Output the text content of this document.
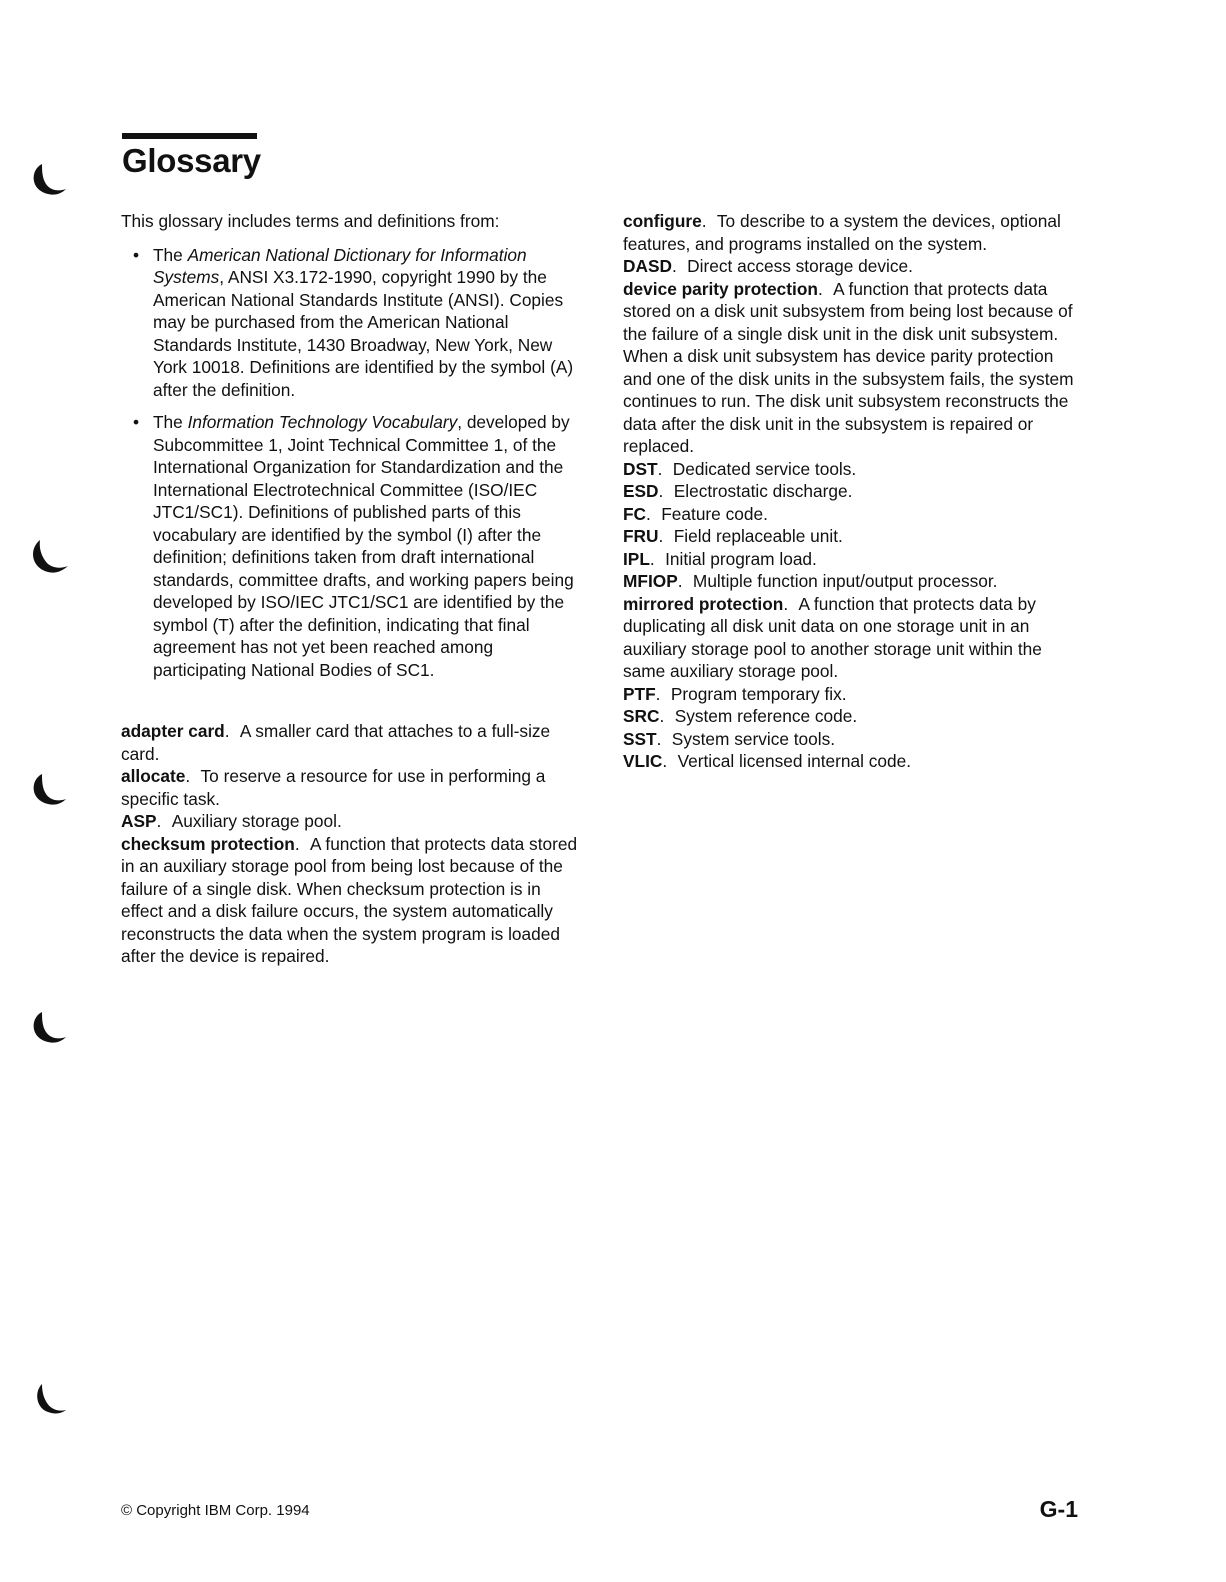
Glossary

This glossary includes terms and definitions from:

• The American National Dictionary for Information Systems, ANSI X3.172-1990, copyright 1990 by the American National Standards Institute (ANSI). Copies may be purchased from the American National Standards Institute, 1430 Broadway, New York, New York 10018. Definitions are identified by the symbol (A) after the definition.
• The Information Technology Vocabulary, developed by Subcommittee 1, Joint Technical Committee 1, of the International Organization for Standardization and the International Electrotechnical Committee (ISO/IEC JTC1/SC1). Definitions of published parts of this vocabulary are identified by the symbol (I) after the definition; definitions taken from draft international standards, committee drafts, and working papers being developed by ISO/IEC JTC1/SC1 are identified by the symbol (T) after the definition, indicating that final agreement has not yet been reached among participating National Bodies of SC1.

adapter card. A smaller card that attaches to a full-size card.

allocate. To reserve a resource for use in performing a specific task.

ASP. Auxiliary storage pool.

checksum protection. A function that protects data stored in an auxiliary storage pool from being lost because of the failure of a single disk. When checksum protection is in effect and a disk failure occurs, the system automatically reconstructs the data when the system program is loaded after the device is repaired.

configure. To describe to a system the devices, optional features, and programs installed on the system.

DASD. Direct access storage device.

device parity protection. A function that protects data stored on a disk unit subsystem from being lost because of the failure of a single disk unit in the disk unit subsystem. When a disk unit subsystem has device parity protection and one of the disk units in the subsystem fails, the system continues to run. The disk unit subsystem reconstructs the data after the disk unit in the subsystem is repaired or replaced.

DST. Dedicated service tools.

ESD. Electrostatic discharge.

FC. Feature code.

FRU. Field replaceable unit.

IPL. Initial program load.

MFIOP. Multiple function input/output processor.

mirrored protection. A function that protects data by duplicating all disk unit data on one storage unit in an auxiliary storage pool to another storage unit within the same auxiliary storage pool.

PTF. Program temporary fix.

SRC. System reference code.

SST. System service tools.

VLIC. Vertical licensed internal code.

© Copyright IBM Corp. 1994	G-1
